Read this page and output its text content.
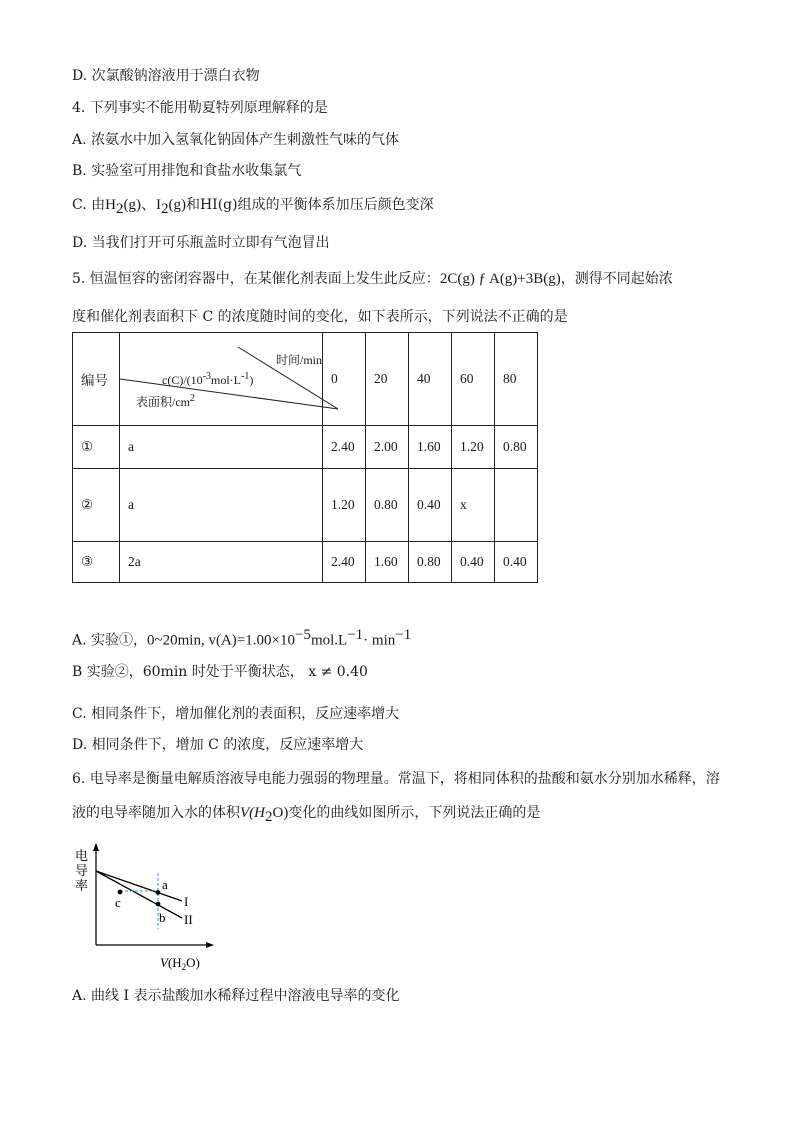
D. 次氯酸钠溶液用于漂白衣物
4. 下列事实不能用勒夏特列原理解释的是
A. 浓氨水中加入氢氧化钠固体产生刺激性气味的气体
B. 实验室可用排饱和食盐水收集氯气
C. 由$H_2(g)$、$I_2(g)$和HI(g)组成的平衡体系加压后颜色变深
D. 当我们打开可乐瓶盖时立即有气泡冒出
5. 恒温恒容的密闭容器中，在某催化剂表面上发生此反应：2C(g) ƒ A(g)+3B(g)，测得不同起始浓
度和催化剂表面积下 C 的浓度随时间的变化，如下表所示，下列说法不正确的是
编号	时间/min
$c(C)/(10^{-3}mol\cdot L^{-1})$
表面积$/cm^2$	0	20	40	60	80
①	a	2.40	2.00	1.60	1.20	0.80
②	a	1.20	0.80	0.40	x	
③	2a	2.40	1.60	0.80	0.40	0.40
A. 实验①，0~20min, $v(A)=1.00\times 10^{-5}mol.L^{-1}\cdot \min^{-1}$
B 实验②，60min 时处于平衡状态， x ≠ 0.40
C. 相同条件下，增加催化剂的表面积，反应速率增大
D. 相同条件下，增加 C 的浓度，反应速率增大
6. 电导率是衡量电解质溶液导电能力强弱的物理量。常温下，将相同体积的盐酸和氨水分别加水稀释，溶
液的电导率随加入水的体积$V(H_2O)$变化的曲线如图所示，下列说法正确的是
电
导
率	a
b
c	I
II
$V(H_2O)$
A. 曲线 I 表示盐酸加水稀释过程中溶液电导率的变化
